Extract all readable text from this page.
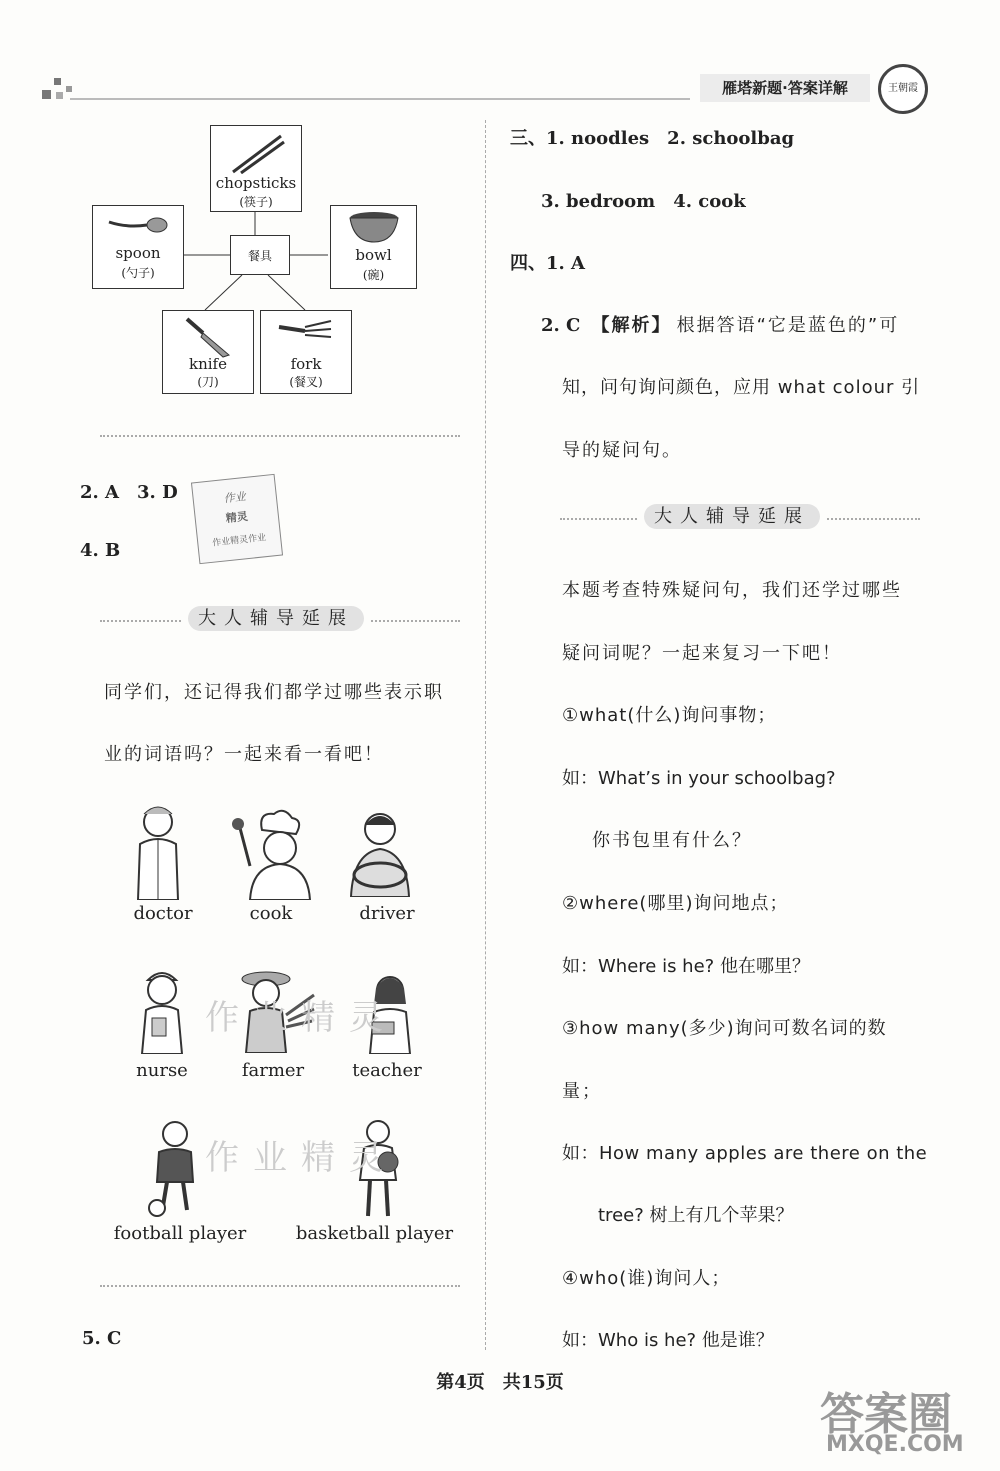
雁塔新题·答案详解	王朝霞
餐具
chopsticks
(筷子)
spoon
(勺子)
bowl
(碗)
knife
(刀)
fork
(餐叉)
2. A　3. D
4. B
作业
精灵
作业精灵作业
大人辅导延展
同学们，还记得我们都学过哪些表示职
业的词语吗？一起来看一看吧！
doctor	cook	driver
nurse	farmer	teacher
football player	basketball player
5. C
三、1. noodles　2. schoolbag
3. bedroom　4. cook
四、1. A
2. C 【解析】 根据答语“它是蓝色的”可
知，问句询问颜色，应用 what colour 引
导的疑问句。
大人辅导延展
本题考查特殊疑问句，我们还学过哪些
疑问词呢？一起来复习一下吧！
①what(什么)询问事物；
如：What’s in your schoolbag?
你书包里有什么？
②where(哪里)询问地点；
如：Where is he? 他在哪里？
③how many(多少)询问可数名词的数
量；
如：How many apples are there on the
tree? 树上有几个苹果？
④who(谁)询问人；
如：Who is he? 他是谁？
第4页　共15页
作业精灵
作业精灵
答案圈
MXQE.COM
